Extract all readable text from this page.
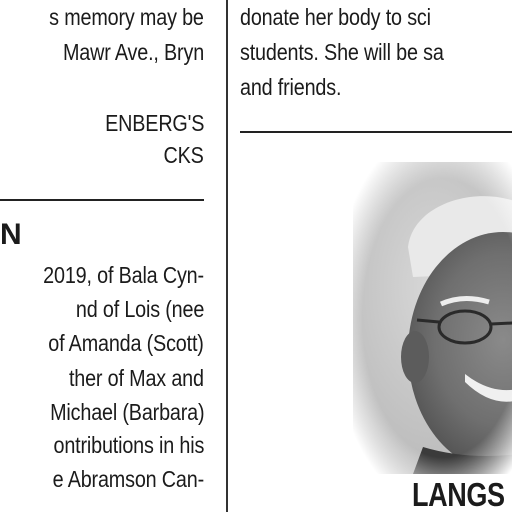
s memory may be
Mawr Ave., Bryn
ENBERG'S
CKS
N
2019, of Bala Cyn-
nd of Lois (nee
of Amanda (Scott)
ther of Max and
Michael (Barbara)
ontributions in his
e Abramson Can-
donate her body to sci
students. She will be sa
and friends.
LANGS
